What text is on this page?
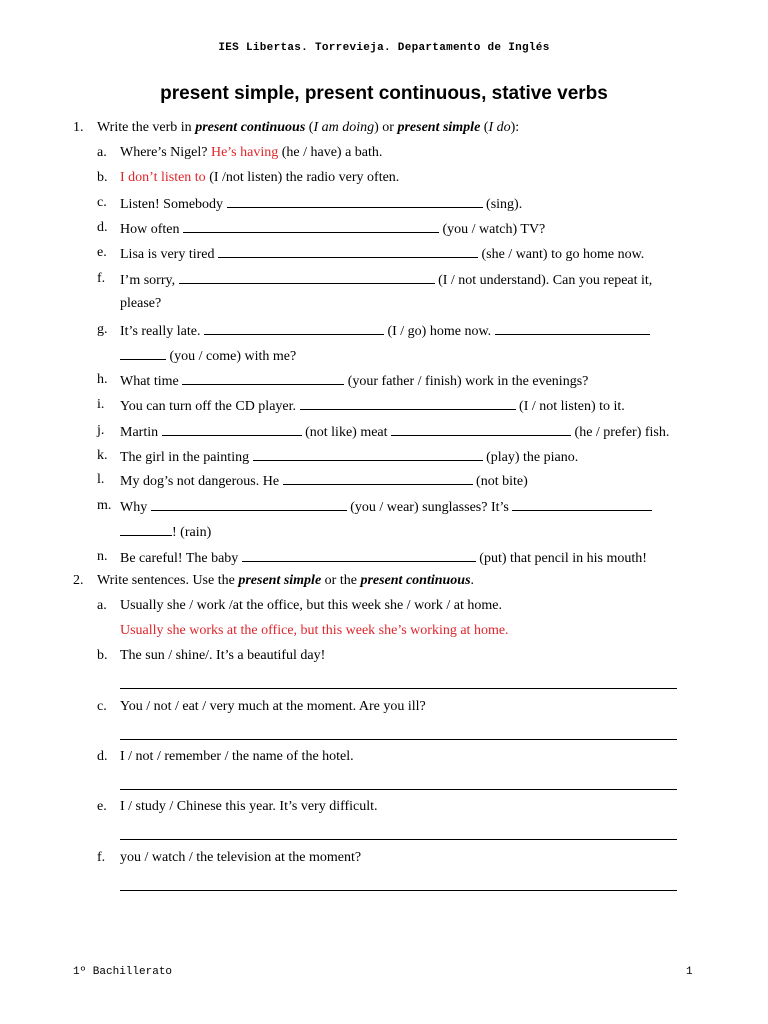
IES Libertas. Torrevieja. Departamento de Inglés
present simple, present continuous, stative verbs
1. Write the verb in present continuous (I am doing) or present simple (I do):
a. Where’s Nigel? He’s having (he / have) a bath.
b. I don’t listen to (I /not listen) the radio very often.
c. Listen! Somebody	(sing).
d. How often	(you / watch) TV?
e. Lisa is very tired	(she / want) to go home now.
f. I’m sorry,	(I / not understand). Can you repeat it,
please?
g. It’s really late.	(I / go) home now.
(you / come) with me?
h. What time	(your father / finish) work in the evenings?
i. You can turn off the CD player.	(I / not listen) to it.
j. Martin	(not like) meat	(he / prefer) fish.
k. The girl in the painting	(play) the piano.
l. My dog’s not dangerous. He	(not bite)
m. Why	(you / wear) sunglasses? It’s
! (rain)
n. Be careful! The baby	(put) that pencil in his mouth!
2. Write sentences. Use the present simple or the present continuous.
a. Usually she / work /at the office, but this week she / work / at home.
Usually she works at the office, but this week she’s working at home.
b. The sun / shine/. It’s a beautiful day!
c. You / not / eat / very much at the moment. Are you ill?
d. I / not / remember / the name of the hotel.
e. I / study / Chinese this year. It’s very difficult.
f. you / watch / the television at the moment?
1º Bachillerato	1
